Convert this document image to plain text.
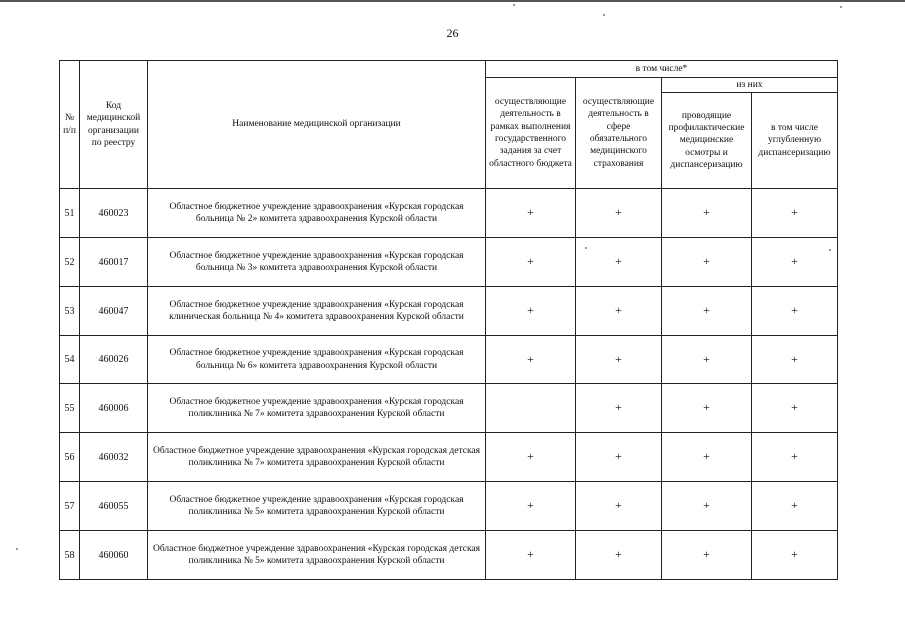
26
№ п/п	Код медицинской организации по реестру	Наименование медицинской организации	в том числе*			
			осуществляющие деятельность в рамках выполнения государственного задания за счет областного бюджета	осуществляющие деятельность в сфере обязательного медицинского страхования	из них	
					проводящие профилактические медицинские осмотры и диспансеризацию	в том числе углубленную диспансеризацию
51	460023	Областное бюджетное учреждение здравоохранения «Курская городская больница № 2» комитета здравоохранения Курской области	+	+	+	+
52	460017	Областное бюджетное учреждение здравоохранения «Курская городская больница № 3» комитета здравоохранения Курской области	+	+	+	+
53	460047	Областное бюджетное учреждение здравоохранения «Курская городская клиническая больница № 4» комитета здравоохранения Курской области	+	+	+	+
54	460026	Областное бюджетное учреждение здравоохранения «Курская городская больница № 6» комитета здравоохранения Курской области	+	+	+	+
55	460006	Областное бюджетное учреждение здравоохранения «Курская городская поликлиника № 7» комитета здравоохранения Курской области		+	+	+
56	460032	Областное бюджетное учреждение здравоохранения «Курская городская детская поликлиника № 7» комитета здравоохранения Курской области	+	+	+	+
57	460055	Областное бюджетное учреждение здравоохранения «Курская городская поликлиника № 5» комитета здравоохранения Курской области	+	+	+	+
58	460060	Областное бюджетное учреждение здравоохранения «Курская городская детская поликлиника № 5» комитета здравоохранения Курской области	+	+	+	+
